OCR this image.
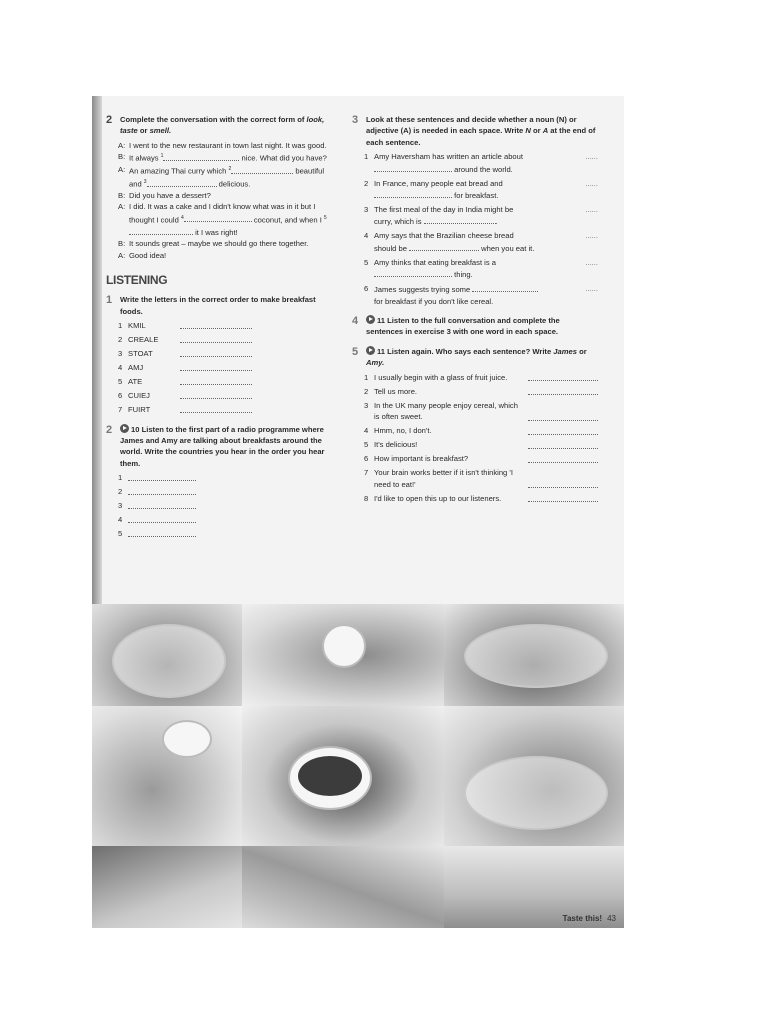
2	Complete the conversation with the correct form of look, taste or smell.
A: I went to the new restaurant in town last night. It was good.
B: It always $^1$	nice. What did you have?
A: An amazing Thai curry which $^2$	beautiful and $^3$	delicious.
B: Did you have a dessert?
A: I did. It was a cake and I didn't know what was in it but I thought I could $^4$	coconut, and when I $^5$ it I was right!
B: It sounds great – maybe we should go there together.
A: Good idea!
LISTENING
1	Write the letters in the correct order to make breakfast foods.
1 KMIL
2 CREALE
3 STOAT
4 AMJ
5 ATE
6 CUIEJ
7 FUIRT
2	10 Listen to the first part of a radio programme where James and Amy are talking about breakfasts around the world. Write the countries you hear in the order you hear them.
1
2
3
4
5
3	Look at these sentences and decide whether a noun (N) or adjective (A) is needed in each space. Write N or A at the end of each sentence.
1 Amy Haversham has written an article about
around the world.
......
2 In France, many people eat bread and
for breakfast.
......
3 The first meal of the day in India might be
curry, which is	.
......
4 Amy says that the Brazilian cheese bread
should be	when you eat it.
......
5 Amy thinks that eating breakfast is a
thing.
......
6 James suggests trying some
for breakfast if you don't like cereal.
......
4	11 Listen to the full conversation and complete the sentences in exercise 3 with one word in each space.
5	11 Listen again. Who says each sentence? Write James or Amy.
1 I usually begin with a glass of fruit juice.
2 Tell us more.
3 In the UK many people enjoy cereal, which is often sweet.
4 Hmm, no, I don't.
5 It's delicious!
6 How important is breakfast?
7 Your brain works better if it isn't thinking 'I need to eat!'
8 I'd like to open this up to our listeners.
Taste this! 43
